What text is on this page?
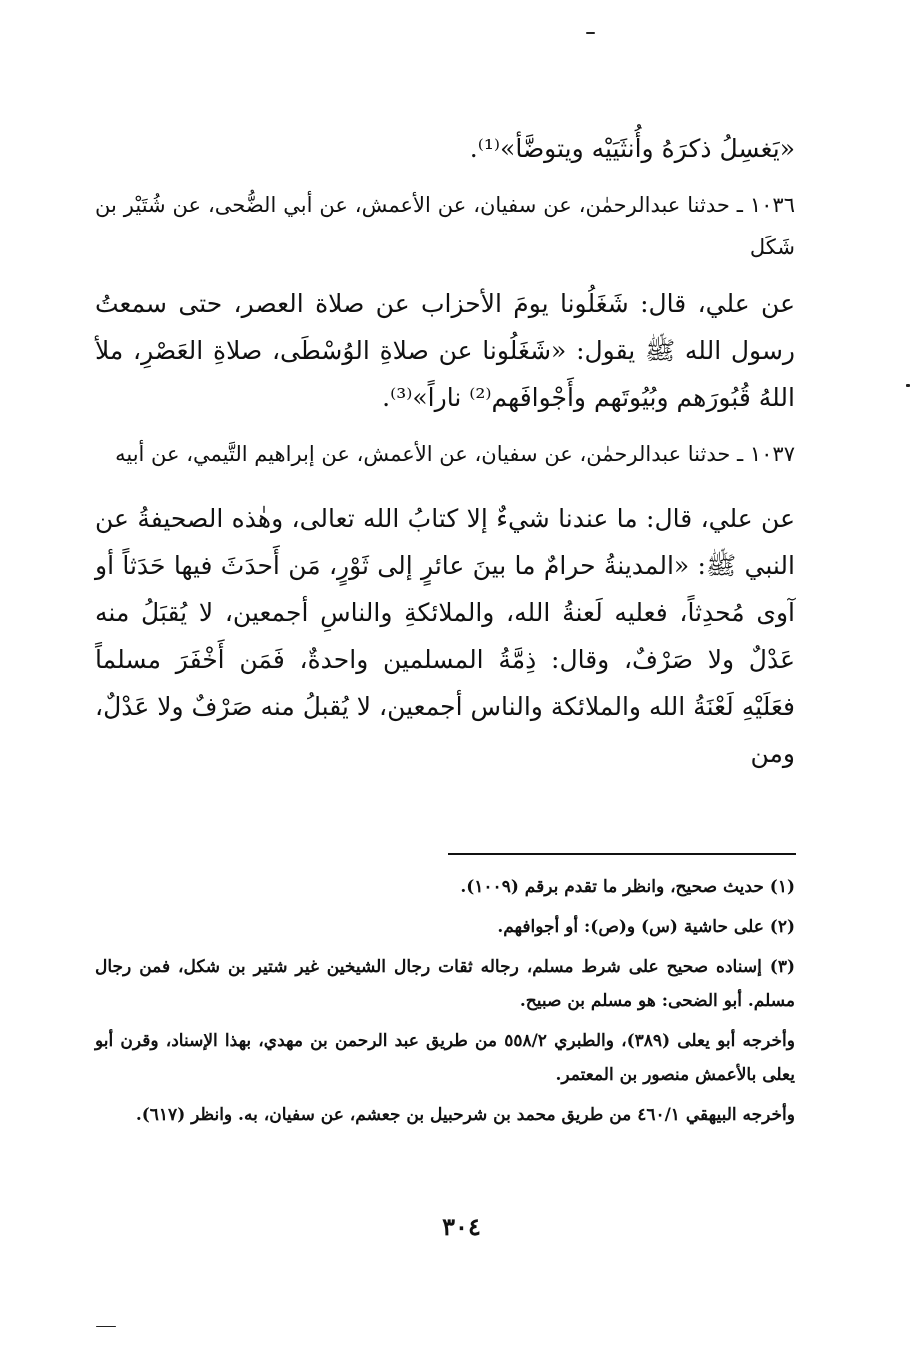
«يَغسِلُ ذكرَهُ وأُنثَيَيْه ويتوضَّأ»⁽¹⁾.

١٠٣٦ ـ حدثنا عبدالرحمٰن، عن سفيان، عن الأعمش، عن أبي الضُّحى، عن شُتَيْر بن شَكَل

عن علي، قال: شَغَلُونا يومَ الأحزاب عن صلاة العصر، حتى سمعتُ رسول الله ﷺ يقول: «شَغَلُونا عن صلاةِ الوُسْطَى، صلاةِ العَصْرِ، ملأ اللهُ قُبُورَهم وبُيُوتَهم وأَجْوافَهم⁽²⁾ ناراً»⁽³⁾.

١٠٣٧ ـ حدثنا عبدالرحمٰن، عن سفيان، عن الأعمش، عن إبراهيم التَّيمي، عن أبيه

عن علي، قال: ما عندنا شيءٌ إلا كتابُ الله تعالى، وهٰذه الصحيفةُ عن النبي ﷺ: «المدينةُ حرامٌ ما بينَ عائرٍ إلى ثَوْرٍ، مَن أَحدَثَ فيها حَدَثاً أو آوى مُحدِثاً، فعليه لَعنةُ الله، والملائكةِ والناسِ أجمعين، لا يُقبَلُ منه عَدْلٌ ولا صَرْفٌ، وقال: ذِمَّةُ المسلمين واحدةٌ، فَمَن أَخْفَرَ مسلماً فعَلَيْهِ لَعْنَةُ الله والملائكة والناس أجمعين، لا يُقبلُ منه صَرْفٌ ولا عَدْلٌ، ومن

(١) حديث صحيح، وانظر ما تقدم برقم (١٠٠٩).

(٢) على حاشية (س) و(ص): أو أجوافهم.

(٣) إسناده صحيح على شرط مسلم، رجاله ثقات رجال الشيخين غير شتير بن شكل، فمن رجال مسلم. أبو الضحى: هو مسلم بن صبيح.

وأخرجه أبو يعلى (٣٨٩)، والطبري ٥٥٨/٢ من طريق عبد الرحمن بن مهدي، بهذا الإسناد، وقرن أبو يعلى بالأعمش منصور بن المعتمر.

وأخرجه البيهقي ٤٦٠/١ من طريق محمد بن شرحبيل بن جعشم، عن سفيان، به. وانظر (٦١٧).

٣٠٤
